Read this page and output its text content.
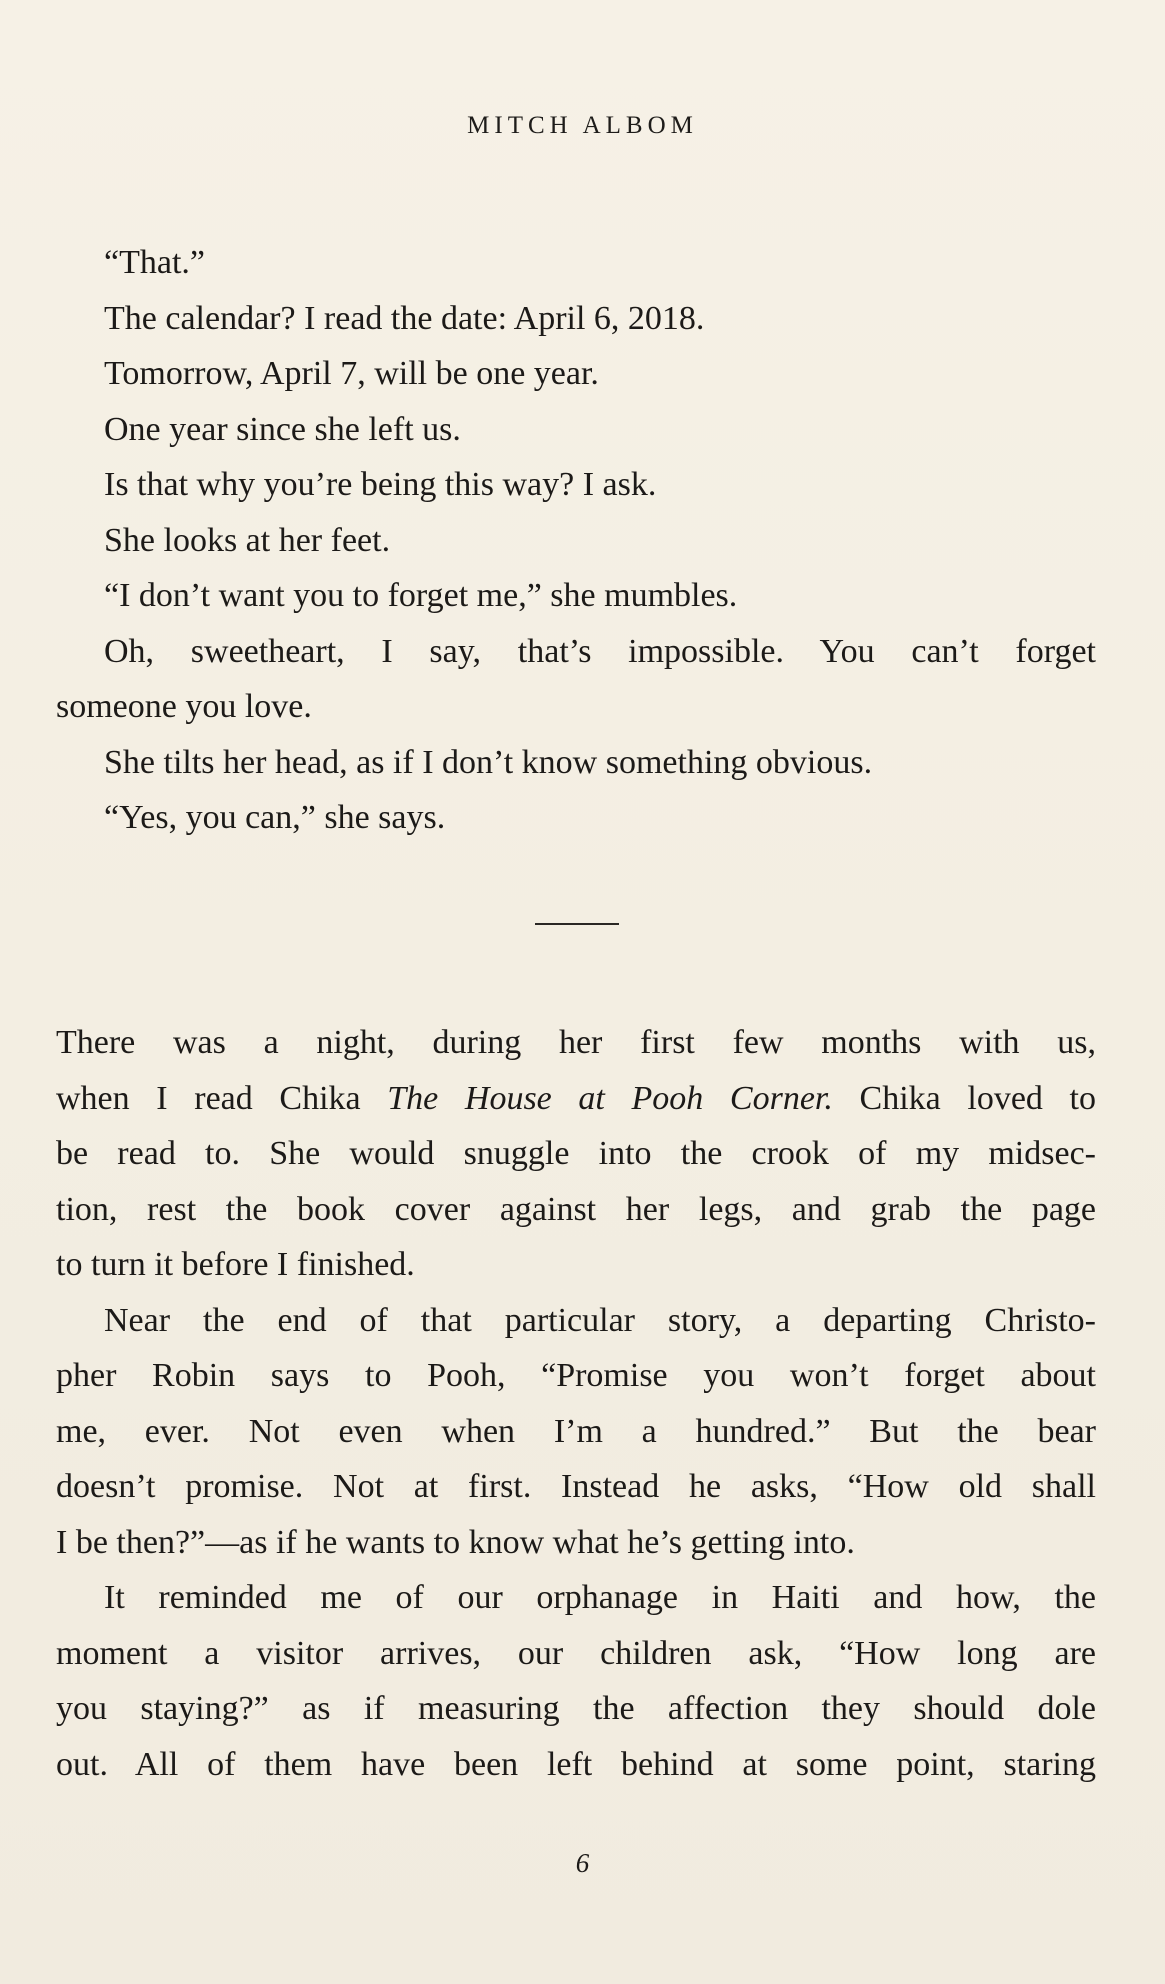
MITCH ALBOM
“That.”
The calendar? I read the date: April 6, 2018.
Tomorrow, April 7, will be one year.
One year since she left us.
Is that why you’re being this way? I ask.
She looks at her feet.
“I don’t want you to forget me,” she mumbles.
Oh, sweetheart, I say, that’s impossible. You can’t forget
someone you love.
She tilts her head, as if I don’t know something obvious.
“Yes, you can,” she says.
There was a night, during her first few months with us,
when I read Chika The House at Pooh Corner. Chika loved to
be read to. She would snuggle into the crook of my midsec-
tion, rest the book cover against her legs, and grab the page
to turn it before I finished.
Near the end of that particular story, a departing Christo-
pher Robin says to Pooh, “Promise you won’t forget about
me, ever. Not even when I’m a hundred.” But the bear
doesn’t promise. Not at first. Instead he asks, “How old shall
I be then?”—as if he wants to know what he’s getting into.
It reminded me of our orphanage in Haiti and how, the
moment a visitor arrives, our children ask, “How long are
you staying?” as if measuring the affection they should dole
out. All of them have been left behind at some point, staring
6
